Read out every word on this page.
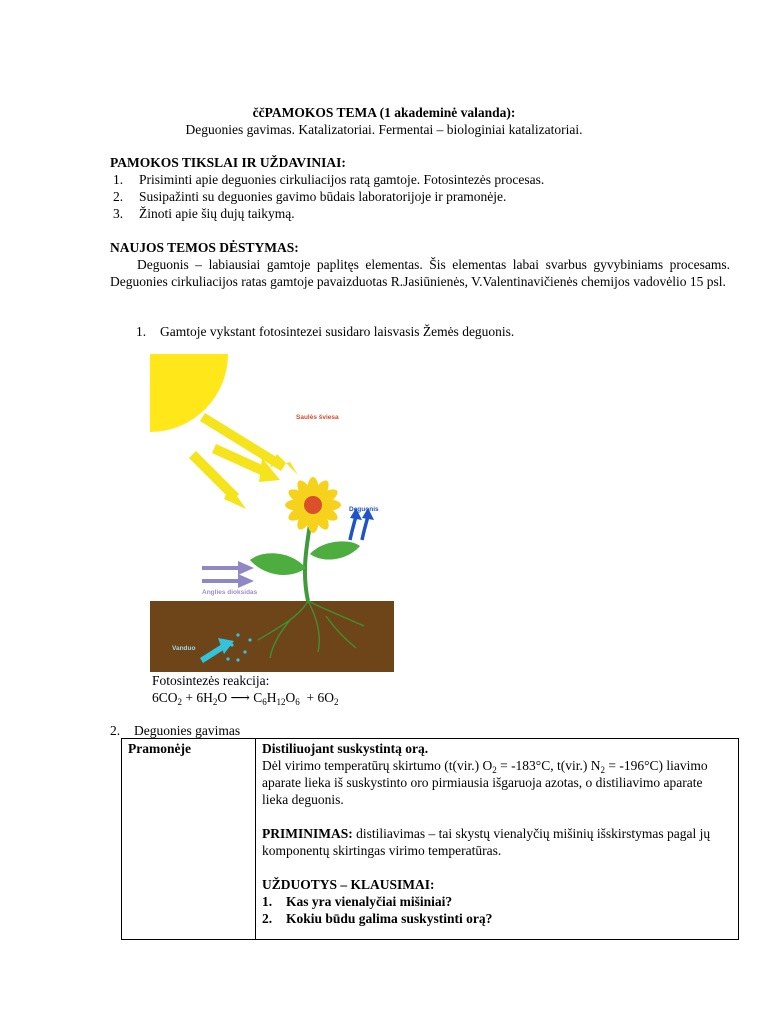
ččPAMOKOS TEMA (1 akademinė valanda):
Deguonies gavimas. Katalizatoriai. Fermentai – biologiniai katalizatoriai.
PAMOKOS TIKSLAI IR UŽDAVINIAI:
1. Prisiminti apie deguonies cirkuliacijos ratą gamtoje. Fotosintezės procesas.
2. Susipažinti su deguonies gavimo būdais laboratorijoje ir pramonėje.
3. Žinoti apie šių dujų taikymą.
NAUJOS TEMOS DĖSTYMAS:
Deguonis – labiausiai gamtoje paplitęs elementas. Šis elementas labai svarbus gyvybiniams procesams. Deguonies cirkuliacijos ratas gamtoje pavaizduotas R.Jasiūnienės, V.Valentinavičienės chemijos vadovėlio 15 psl.
1. Gamtoje vykstant fotosintezei susidaro laisvasis Žemės deguonis.
Saulės šviesa
Deguonis
Anglies dioksidas
Vanduo
Fotosintezės reakcija:
$6CO_2 + 6H_2O$ ⟶ $C_6H_{12}O_6 + 6O_2$
2. Deguonies gavimas
Pramonėje	Distiliuojant suskystintą orą.
Dėl virimo temperatūrų skirtumo (t(vir.) $O_2 = -183^\circ C$, t(vir.) $N_2 = -196^\circ C$) liavimo aparate lieka iš suskystinto oro pirmiausia išgaruoja azotas, o distiliavimo aparate lieka deguonis.
PRIMINIMAS: distiliavimas – tai skystų vienalyčių mišinių išskirstymas pagal jų komponentų skirtingas virimo temperatūras.
UŽDUOTYS – KLAUSIMAI:
1. Kas yra vienalyčiai mišiniai?
2. Kokiu būdu galima suskystinti orą?
